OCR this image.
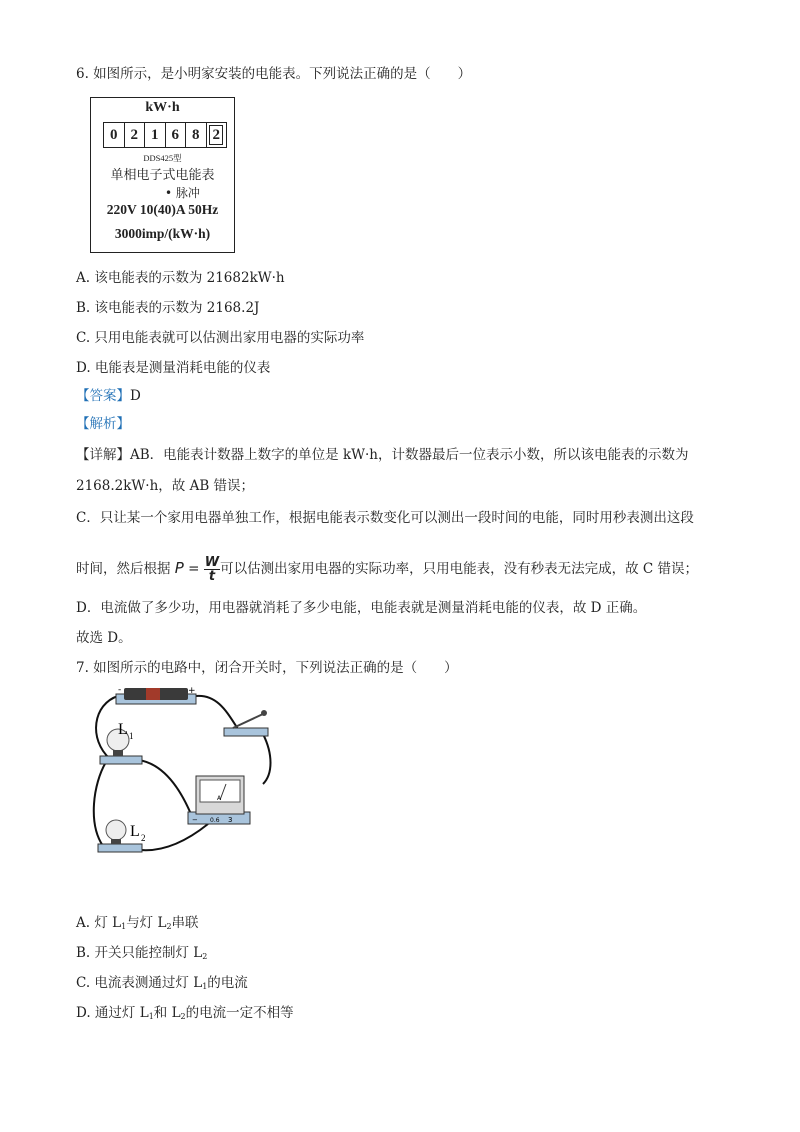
6. 如图所示，是小明家安装的电能表。下列说法正确的是（　　）
kW·h
0 2 1 6 8 2
DDS425型
单相电子式电能表
• 脉冲
220V 10(40)A 50Hz
3000imp/(kW·h)
A. 该电能表的示数为 21682kW·h
B. 该电能表的示数为 2168.2J
C. 只用电能表就可以估测出家用电器的实际功率
D. 电能表是测量消耗电能的仪表
【答案】D
【解析】
【详解】AB．电能表计数器上数字的单位是 kW·h，计数器最后一位表示小数，所以该电能表的示数为
2168.2kW·h，故 AB 错误；
C．只让某一个家用电器单独工作，根据电能表示数变化可以测出一段时间的电能，同时用秒表测出这段
时间，然后根据 $P = \frac{W}{t}$ 可以估测出家用电器的实际功率，只用电能表，没有秒表无法完成，故 C 错误；
D．电流做了多少功，用电器就消耗了多少电能，电能表就是测量消耗电能的仪表，故 D 正确。
故选 D。
7. 如图所示的电路中，闭合开关时，下列说法正确的是（　　）
-	+
L 1
A
− 0.6 3
L 2
A. 灯 $L_1$与灯 $L_2$串联
B. 开关只能控制灯 $L_2$
C. 电流表测通过灯 $L_1$的电流
D. 通过灯 $L_1$和 $L_2$的电流一定不相等
